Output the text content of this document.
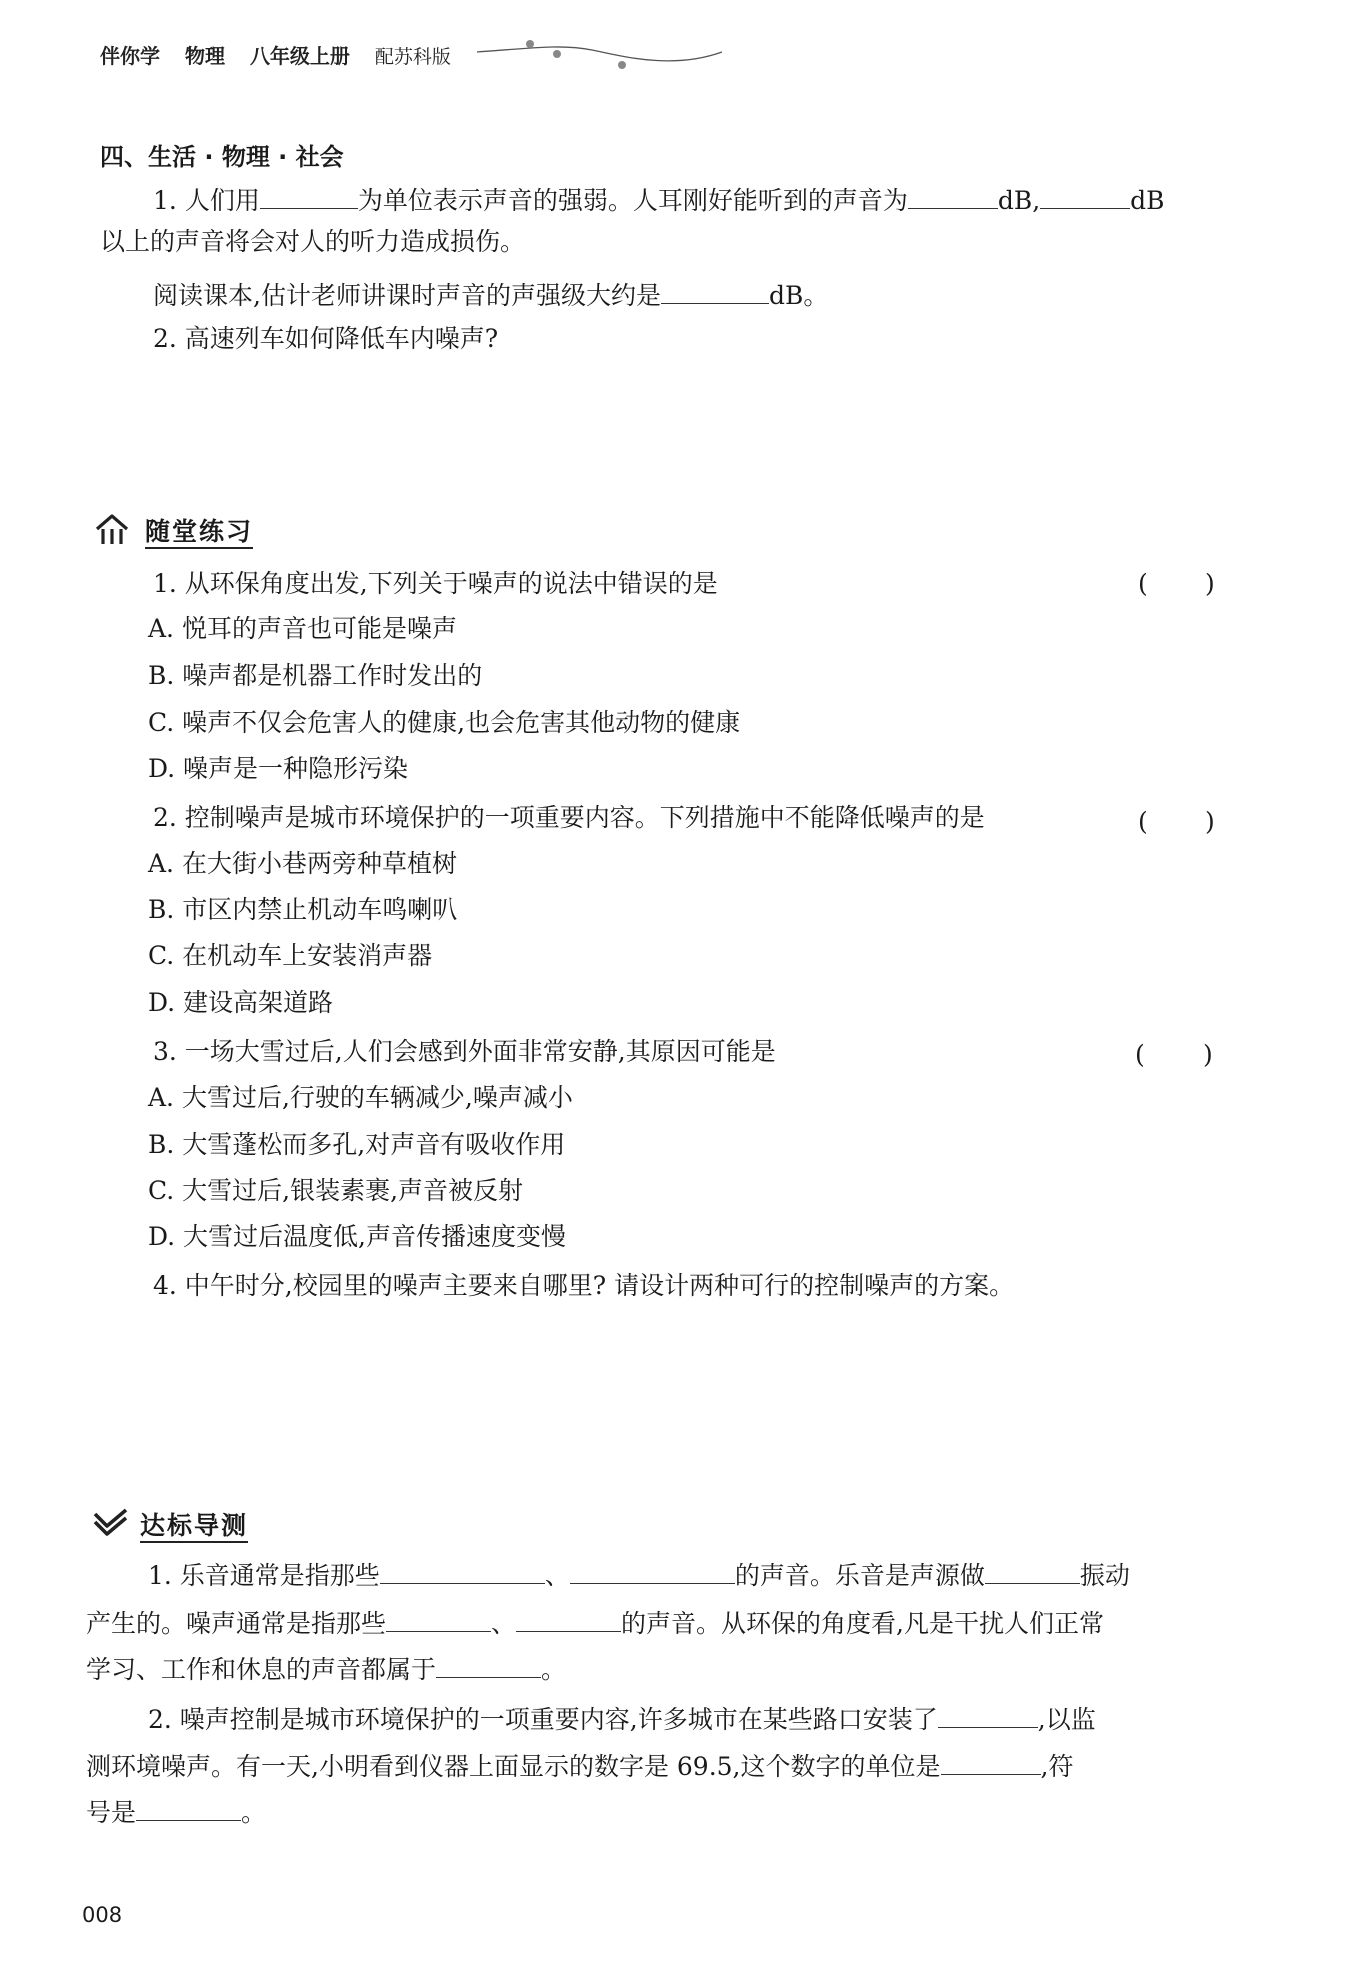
伴你学 物理 八年级上册 配苏科版
四、生活 · 物理 · 社会
1. 人们用	为单位表示声音的强弱。人耳刚好能听到的声音为	dB,	dB
以上的声音将会对人的听力造成损伤。
阅读课本,估计老师讲课时声音的声强级大约是	dB。
2. 高速列车如何降低车内噪声?
随堂练习
1. 从环保角度出发,下列关于噪声的说法中错误的是	( )
A. 悦耳的声音也可能是噪声
B. 噪声都是机器工作时发出的
C. 噪声不仅会危害人的健康,也会危害其他动物的健康
D. 噪声是一种隐形污染
2. 控制噪声是城市环境保护的一项重要内容。下列措施中不能降低噪声的是	( )
A. 在大街小巷两旁种草植树
B. 市区内禁止机动车鸣喇叭
C. 在机动车上安装消声器
D. 建设高架道路
3. 一场大雪过后,人们会感到外面非常安静,其原因可能是	( )
A. 大雪过后,行驶的车辆减少,噪声减小
B. 大雪蓬松而多孔,对声音有吸收作用
C. 大雪过后,银装素裹,声音被反射
D. 大雪过后温度低,声音传播速度变慢
4. 中午时分,校园里的噪声主要来自哪里? 请设计两种可行的控制噪声的方案。
达标导测
1. 乐音通常是指那些	、	的声音。乐音是声源做	振动
产生的。噪声通常是指那些	、	的声音。从环保的角度看,凡是干扰人们正常
学习、工作和休息的声音都属于	。
2. 噪声控制是城市环境保护的一项重要内容,许多城市在某些路口安装了	,以监
测环境噪声。有一天,小明看到仪器上面显示的数字是 69.5,这个数字的单位是	,符
号是	。
008
